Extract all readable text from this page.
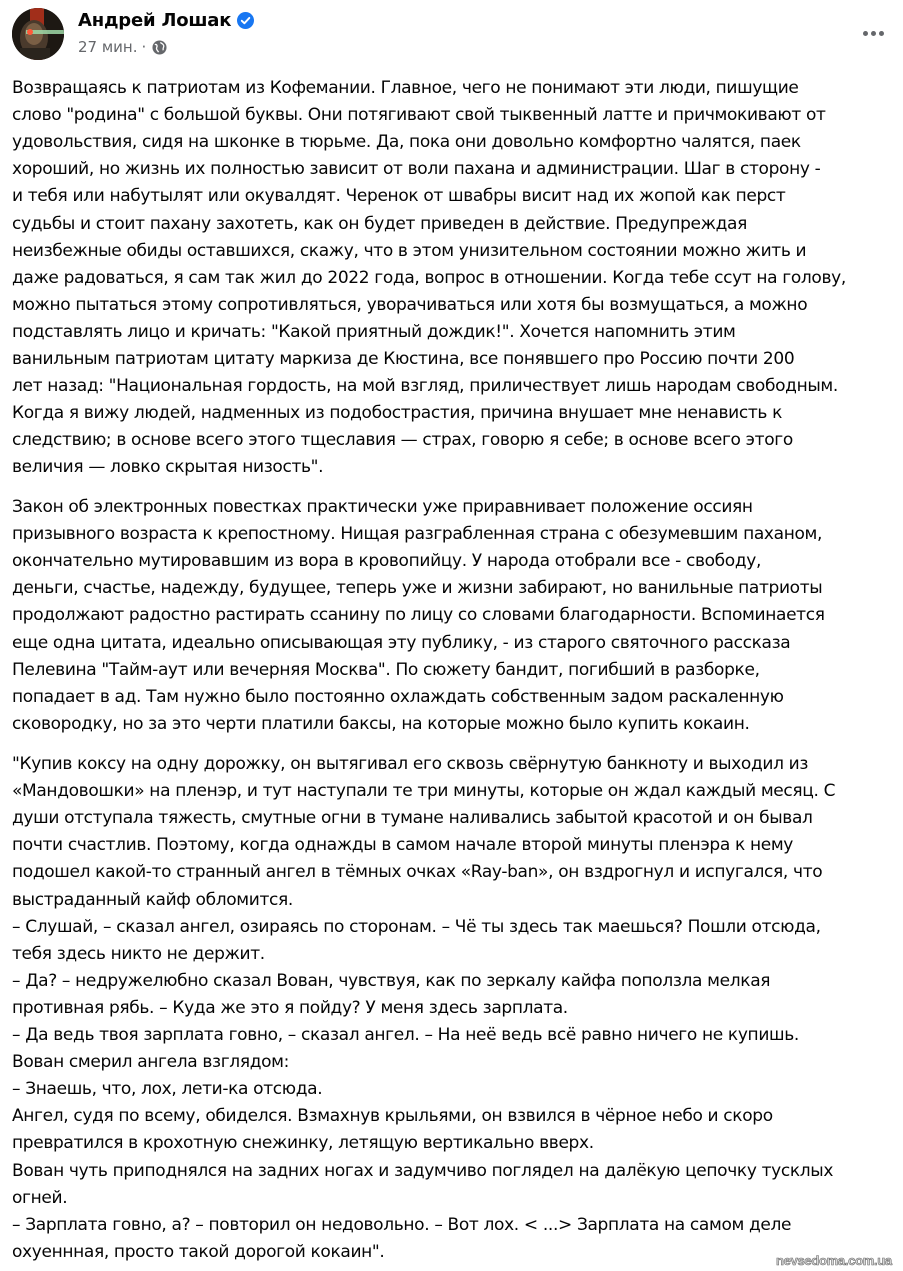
Андрей Лошак
27 мин. ·
Возвращаясь к патриотам из Кофемании. Главное, чего не понимают эти люди, пишущие
слово "родина" с большой буквы. Они потягивают свой тыквенный латте и причмокивают от
удовольствия, сидя на шконке в тюрьме. Да, пока они довольно комфортно чалятся, паек
хороший, но жизнь их полностью зависит от воли пахана и администрации. Шаг в сторону -
и тебя или набутылят или окувалдят. Черенок от швабры висит над их жопой как перст
судьбы и стоит пахану захотеть, как он будет приведен в действие. Предупреждая
неизбежные обиды оставшихся, скажу, что в этом унизительном состоянии можно жить и
даже радоваться, я сам так жил до 2022 года, вопрос в отношении. Когда тебе ссут на голову,
можно пытаться этому сопротивляться, уворачиваться или хотя бы возмущаться, а можно
подставлять лицо и кричать: "Какой приятный дождик!". Хочется напомнить этим
ванильным патриотам цитату маркиза де Кюстина, все понявшего про Россию почти 200
лет назад: "Национальная гордость, на мой взгляд, приличествует лишь народам свободным.
Когда я вижу людей, надменных из подобострастия, причина внушает мне ненависть к
следствию; в основе всего этого тщеславия — страх, говорю я себе; в основе всего этого
величия — ловко скрытая низость".
Закон об электронных повестках практически уже приравнивает положение оссиян
призывного возраста к крепостному. Нищая разграбленная страна с обезумевшим паханом,
окончательно мутировавшим из вора в кровопийцу. У народа отобрали все - свободу,
деньги, счастье, надежду, будущее, теперь уже и жизни забирают, но ванильные патриоты
продолжают радостно растирать ссанину по лицу со словами благодарности. Вспоминается
еще одна цитата, идеально описывающая эту публику, - из старого святочного рассказа
Пелевина "Тайм-аут или вечерняя Москва". По сюжету бандит, погибший в разборке,
попадает в ад. Там нужно было постоянно охлаждать собственным задом раскаленную
сковородку, но за это черти платили баксы, на которые можно было купить кокаин.
"Купив коксу на одну дорожку, он вытягивал его сквозь свёрнутую банкноту и выходил из
«Мандовошки» на пленэр, и тут наступали те три минуты, которые он ждал каждый месяц. С
души отступала тяжесть, смутные огни в тумане наливались забытой красотой и он бывал
почти счастлив. Поэтому, когда однажды в самом начале второй минуты пленэра к нему
подошел какой-то странный ангел в тёмных очках «Ray-ban», он вздрогнул и испугался, что
выстраданный кайф обломится.
– Слушай, – сказал ангел, озираясь по сторонам. – Чё ты здесь так маешься? Пошли отсюда,
тебя здесь никто не держит.
– Да? – недружелюбно сказал Вован, чувствуя, как по зеркалу кайфа поползла мелкая
противная рябь. – Куда же это я пойду? У меня здесь зарплата.
– Да ведь твоя зарплата говно, – сказал ангел. – На неё ведь всё равно ничего не купишь.
Вован смерил ангела взглядом:
– Знаешь, что, лох, лети-ка отсюда.
Ангел, судя по всему, обиделся. Взмахнув крыльями, он взвился в чёрное небо и скоро
превратился в крохотную снежинку, летящую вертикально вверх.
Вован чуть приподнялся на задних ногах и задумчиво поглядел на далёкую цепочку тусклых
огней.
– Зарплата говно, а? – повторил он недовольно. – Вот лох. < ...> Зарплата на самом деле
охуеннная, просто такой дорогой кокаин".	nevsedoma.com.ua
